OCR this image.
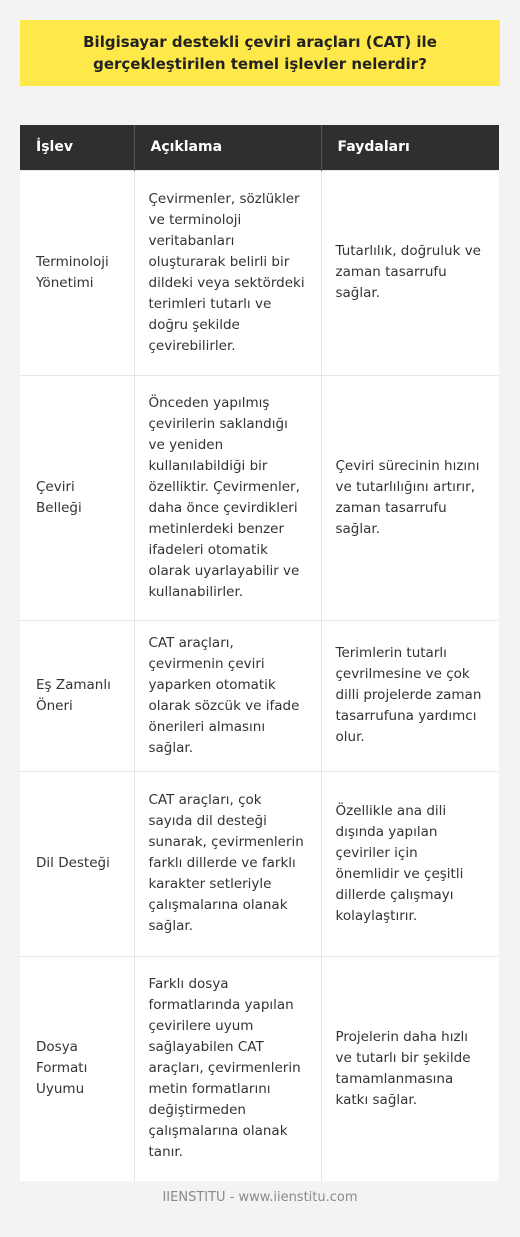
Bilgisayar destekli çeviri araçları (CAT) ile gerçekleştirilen temel işlevler nelerdir?
İşlev	Açıklama	Faydaları
Terminoloji Yönetimi	Çevirmenler, sözlükler ve terminoloji veritabanları oluşturarak belirli bir dildeki veya sektördeki terimleri tutarlı ve doğru şekilde çevirebilirler.	Tutarlılık, doğruluk ve zaman tasarrufu sağlar.
Çeviri Belleği	Önceden yapılmış çevirilerin saklandığı ve yeniden kullanılabildiği bir özelliktir. Çevirmenler, daha önce çevirdikleri metinlerdeki benzer ifadeleri otomatik olarak uyarlayabilir ve kullanabilirler.	Çeviri sürecinin hızını ve tutarlılığını artırır, zaman tasarrufu sağlar.
Eş Zamanlı Öneri	CAT araçları, çevirmenin çeviri yaparken otomatik olarak sözcük ve ifade önerileri almasını sağlar.	Terimlerin tutarlı çevrilmesine ve çok dilli projelerde zaman tasarrufuna yardımcı olur.
Dil Desteği	CAT araçları, çok sayıda dil desteği sunarak, çevirmenlerin farklı dillerde ve farklı karakter setleriyle çalışmalarına olanak sağlar.	Özellikle ana dili dışında yapılan çeviriler için önemlidir ve çeşitli dillerde çalışmayı kolaylaştırır.
Dosya Formatı Uyumu	Farklı dosya formatlarında yapılan çevirilere uyum sağlayabilen CAT araçları, çevirmenlerin metin formatlarını değiştirmeden çalışmalarına olanak tanır.	Projelerin daha hızlı ve tutarlı bir şekilde tamamlanmasına katkı sağlar.
IIENSTITU - www.iienstitu.com
